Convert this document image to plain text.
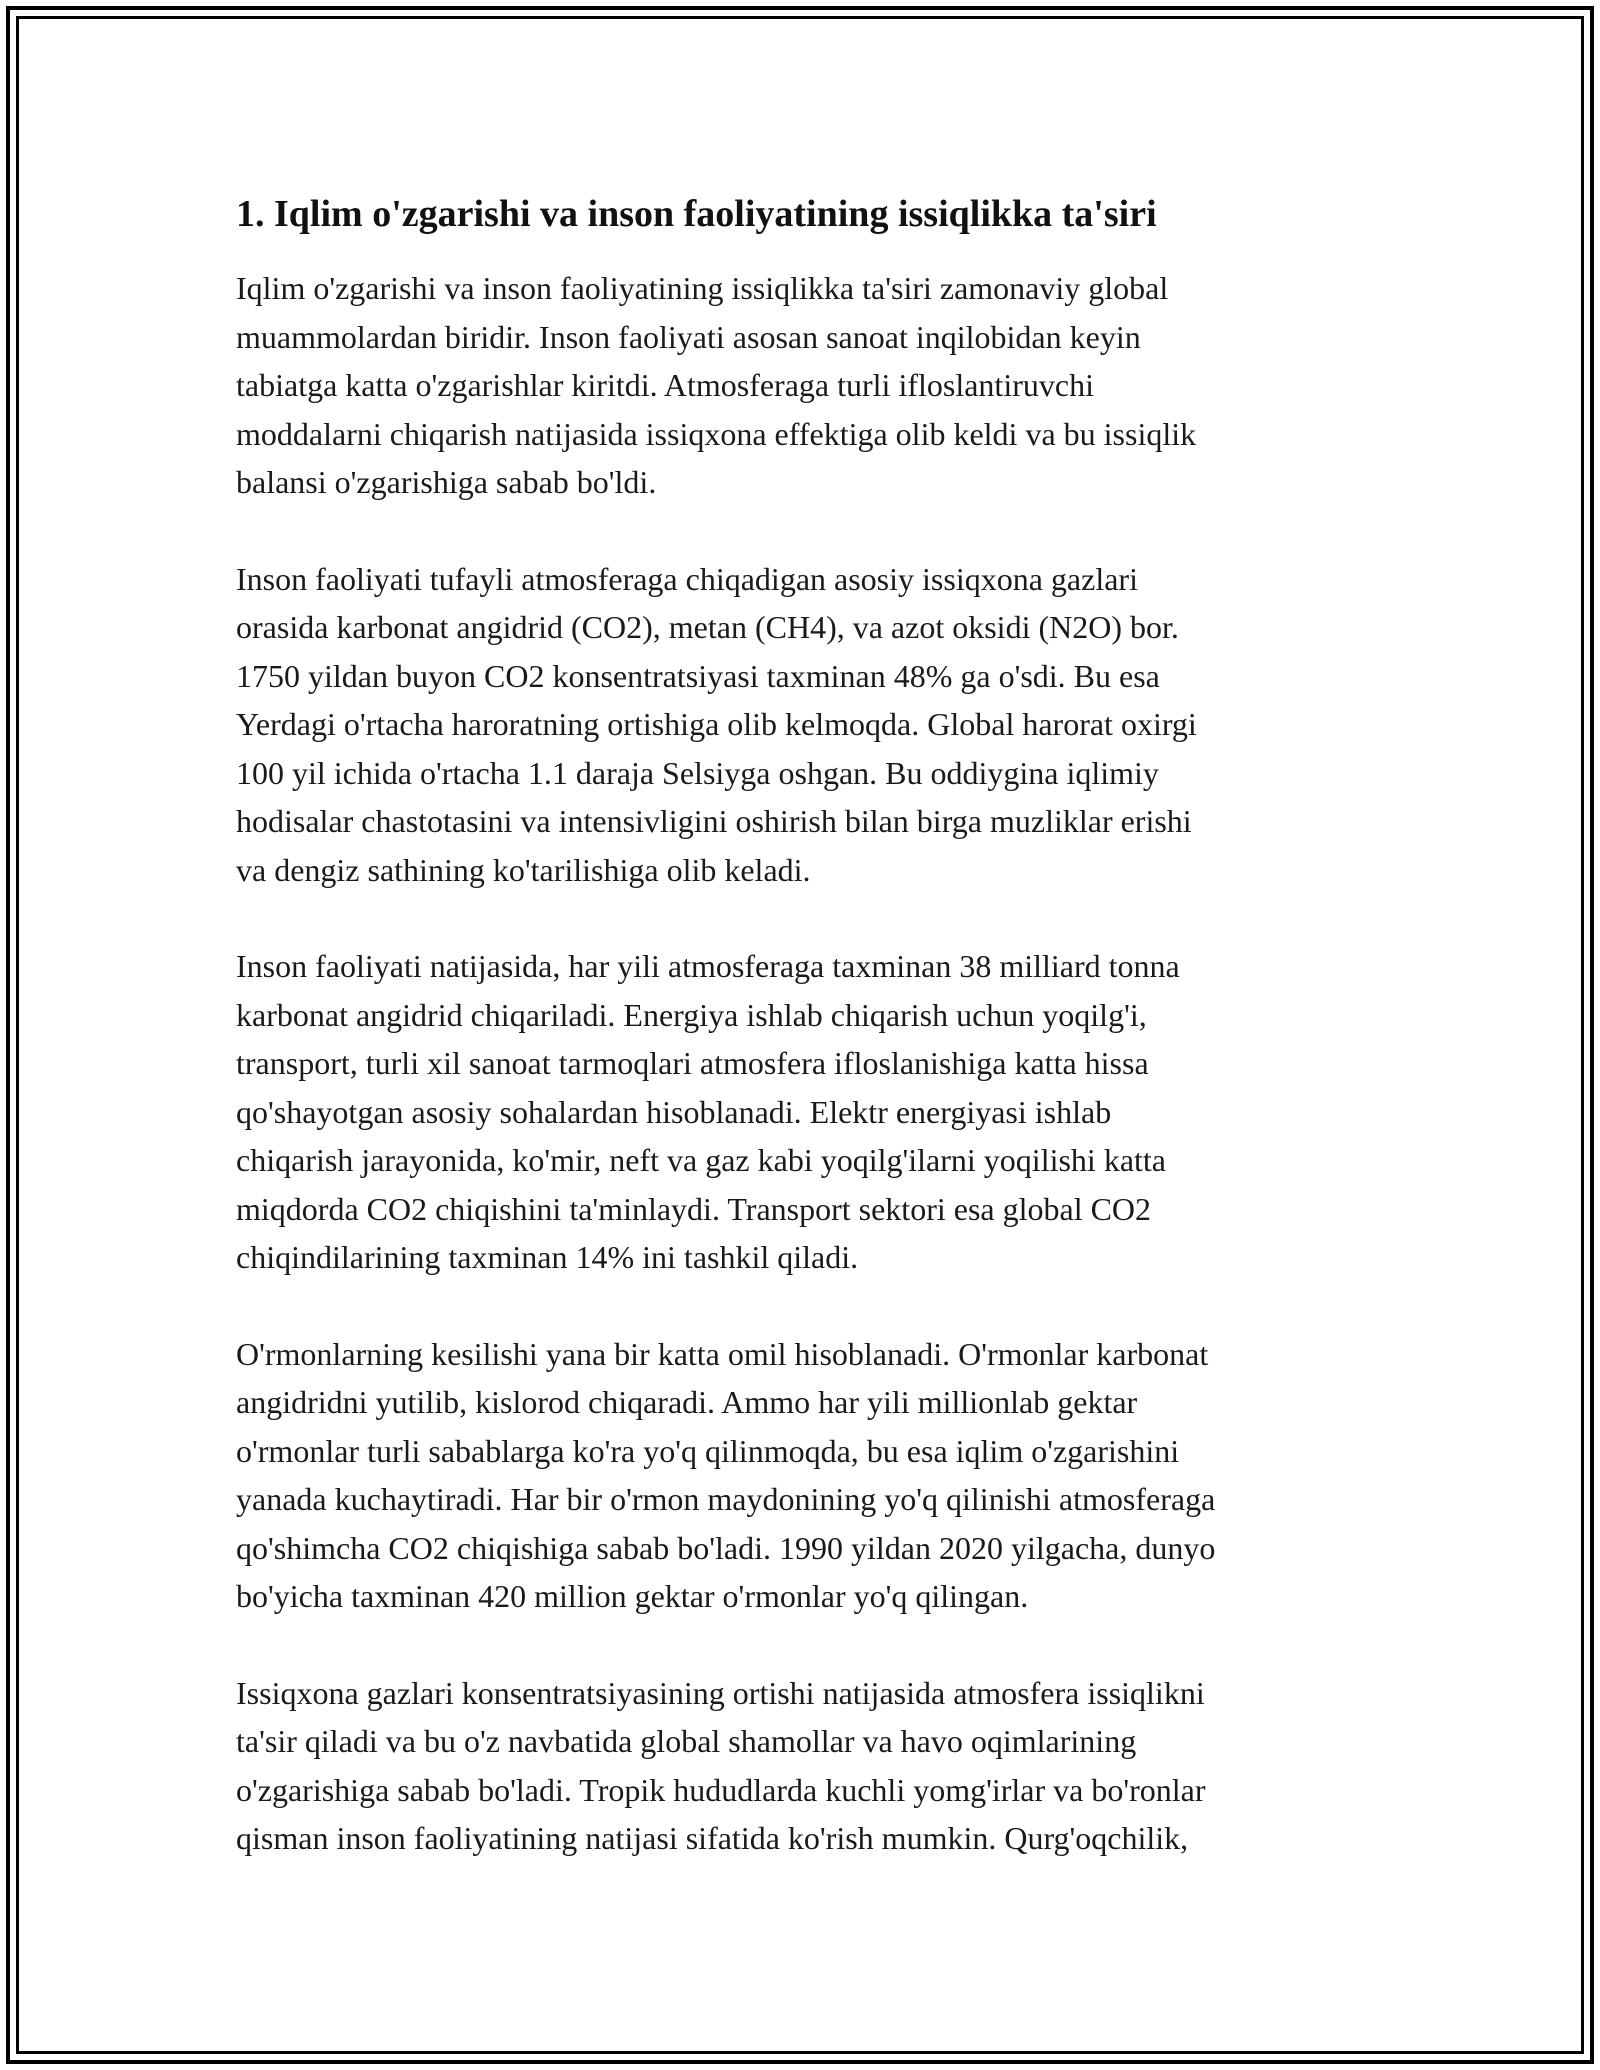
1. Iqlim o'zgarishi va inson faoliyatining issiqlikka ta'siri

Iqlim o'zgarishi va inson faoliyatining issiqlikka ta'siri zamonaviy global
muammolardan biridir. Inson faoliyati asosan sanoat inqilobidan keyin
tabiatga katta o'zgarishlar kiritdi. Atmosferaga turli ifloslantiruvchi
moddalarni chiqarish natijasida issiqxona effektiga olib keldi va bu issiqlik
balansi o'zgarishiga sabab bo'ldi.

Inson faoliyati tufayli atmosferaga chiqadigan asosiy issiqxona gazlari
orasida karbonat angidrid (CO2), metan (CH4), va azot oksidi (N2O) bor.
1750 yildan buyon CO2 konsentratsiyasi taxminan 48% ga o'sdi. Bu esa
Yerdagi o'rtacha haroratning ortishiga olib kelmoqda. Global harorat oxirgi
100 yil ichida o'rtacha 1.1 daraja Selsiyga oshgan. Bu oddiygina iqlimiy
hodisalar chastotasini va intensivligini oshirish bilan birga muzliklar erishi
va dengiz sathining ko'tarilishiga olib keladi.

Inson faoliyati natijasida, har yili atmosferaga taxminan 38 milliard tonna
karbonat angidrid chiqariladi. Energiya ishlab chiqarish uchun yoqilg'i,
transport, turli xil sanoat tarmoqlari atmosfera ifloslanishiga katta hissa
qo'shayotgan asosiy sohalardan hisoblanadi. Elektr energiyasi ishlab
chiqarish jarayonida, ko'mir, neft va gaz kabi yoqilg'ilarni yoqilishi katta
miqdorda CO2 chiqishini ta'minlaydi. Transport sektori esa global CO2
chiqindilarining taxminan 14% ini tashkil qiladi.

O'rmonlarning kesilishi yana bir katta omil hisoblanadi. O'rmonlar karbonat
angidridni yutilib, kislorod chiqaradi. Ammo har yili millionlab gektar
o'rmonlar turli sabablarga ko'ra yo'q qilinmoqda, bu esa iqlim o'zgarishini
yanada kuchaytiradi. Har bir o'rmon maydonining yo'q qilinishi atmosferaga
qo'shimcha CO2 chiqishiga sabab bo'ladi. 1990 yildan 2020 yilgacha, dunyo
bo'yicha taxminan 420 million gektar o'rmonlar yo'q qilingan.

Issiqxona gazlari konsentratsiyasining ortishi natijasida atmosfera issiqlikni
ta'sir qiladi va bu o'z navbatida global shamollar va havo oqimlarining
o'zgarishiga sabab bo'ladi. Tropik hududlarda kuchli yomg'irlar va bo'ronlar
qisman inson faoliyatining natijasi sifatida ko'rish mumkin. Qurg'oqchilik,
